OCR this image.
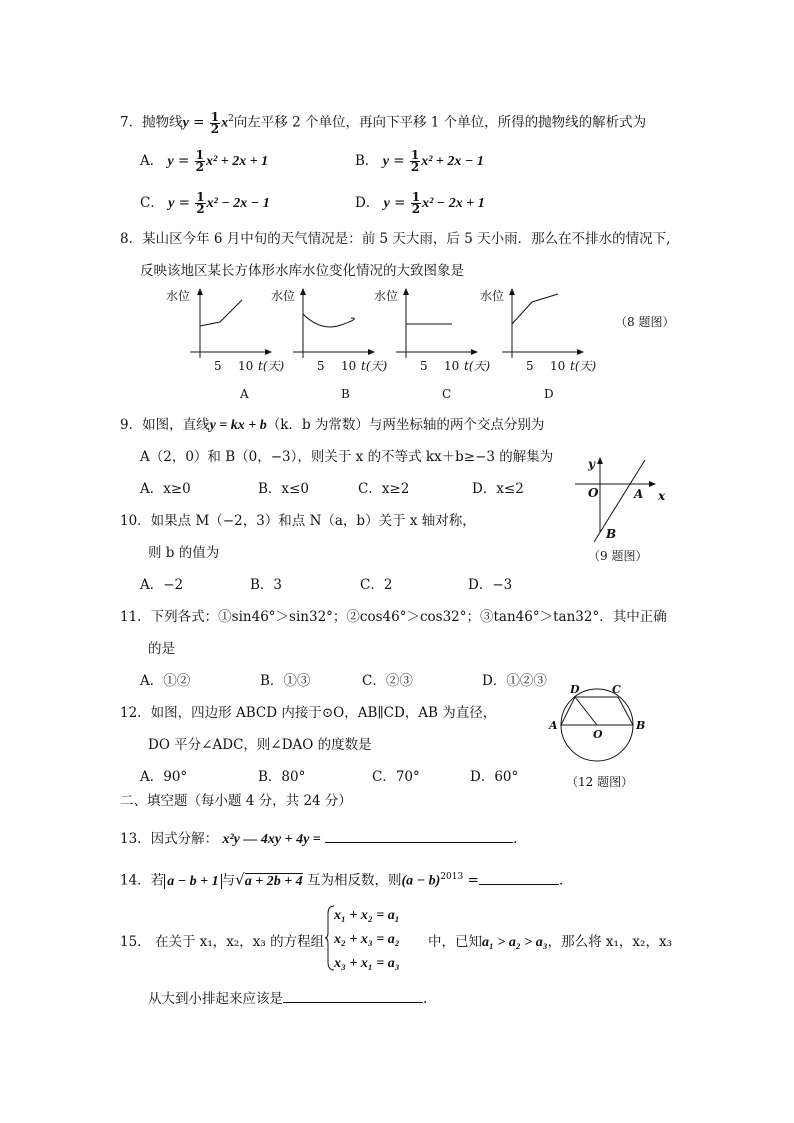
7．抛物线$y = \frac{1}{2} x^2$向左平移 2 个单位，再向下平移 1 个单位，所得的抛物线的解析式为
A． $y = \frac{1}{2} x^2 + 2x + 1$	B． $y = \frac{1}{2} x^2 + 2x - 1$
C． $y = \frac{1}{2} x^2 - 2x - 1$	D． $y = \frac{1}{2} x^2 - 2x + 1$
8．某山区今年 6 月中旬的天气情况是：前 5 天大雨，后 5 天小雨．那么在不排水的情况下,
反映该地区某长方体形水库水位变化情况的大致图象是
水位
5 10 t(天)
A
水位
5 10 t(天)
B
水位
5 10 t(天)
C
水位
5 10 t(天)
D
（8 题图）
9．如图，直线y = kx + b（k．b 为常数）与两坐标轴的两个交点分别为
A（2，0）和 B（0，−3），则关于 x 的不等式 kx＋b≥−3 的解集为
A．x≥0	B．x≤0	C．x≥2	D．x≤2
y
O	A x
B
（9 题图）
10．如果点 M（−2，3）和点 N（a，b）关于 x 轴对称，
则 b 的值为
A．−2	B．3	C．2	D．−3
11．下列各式：①sin46°＞sin32°；②cos46°＞cos32°；③tan46°＞tan32°．其中正确
的是
A．①②	B．①③	C．②③	D．①②③
12．如图，四边形 ABCD 内接于⊙O，AB∥CD，AB 为直径，
DO 平分∠ADC，则∠DAO 的度数是
A．90°	B．80°	C．70°	D．60°
D	C
A	B
O
（12 题图）
二、填空题（每小题 4 分，共 24 分）
13．因式分解： x²y — 4xy + 4y =	.
14．若 a − b + 1 与√a + 2b + 4 互为相反数，则$(a - b)^{2013}$ =	.
15． 在关于 x₁，x₂，x₃ 的方程组
x₁ + x₂ = a₁
x₂ + x₃ = a₂
x₃ + x₁ = a₃
中，已知a₁ > a₂ > a₃，那么将 x₁，x₂，x₃
从大到小排起来应该是	.
